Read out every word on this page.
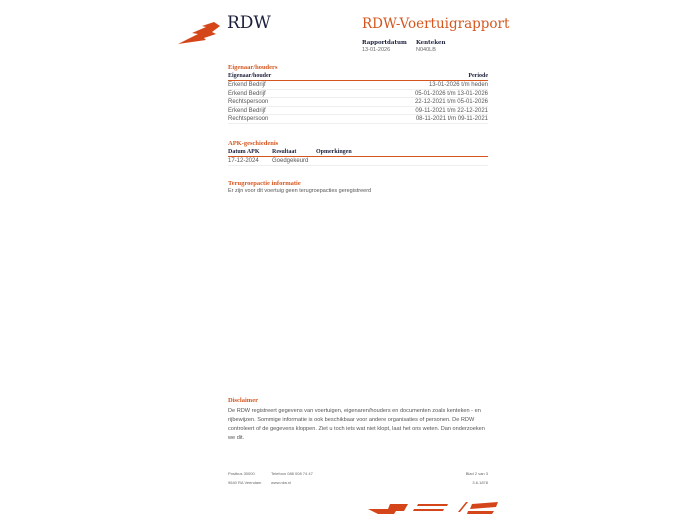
RDW	RDW-Voertuigrapport
Rapportdatum
13-01-2026
Kenteken
N040LB
Eigenaar/houders
Eigenaar/houder	Periode
Erkend Bedrijf	13-01-2026 t/m heden
Erkend Bedrijf	05-01-2026 t/m 13-01-2026
Rechtspersoon	22-12-2021 t/m 05-01-2026
Erkend Bedrijf	09-11-2021 t/m 22-12-2021
Rechtspersoon	08-11-2021 t/m 09-11-2021
APK-geschiedenis
Datum APK	Resultaat	Opmerkingen
17-12-2024	Goedgekeurd
Terugroepactie informatie
Er zijn voor dit voertuig geen terugroepacties geregistreerd
Disclaimer
De RDW registreert gegevens van voertuigen, eigenaren/houders en documenten zoals kenteken - en rijbewijzen. Sommige informatie is ook beschikbaar voor andere organisaties of personen. De RDW controleert of de gegevens kloppen. Ziet u toch iets wat niet klopt, laat het ons weten. Dan onderzoeken we dit.
Postbus 30000
9640 RA Veendam
Telefoon 088 008 74 47
www.rdw.nl
Blad 2 van 3
3.6.1878
